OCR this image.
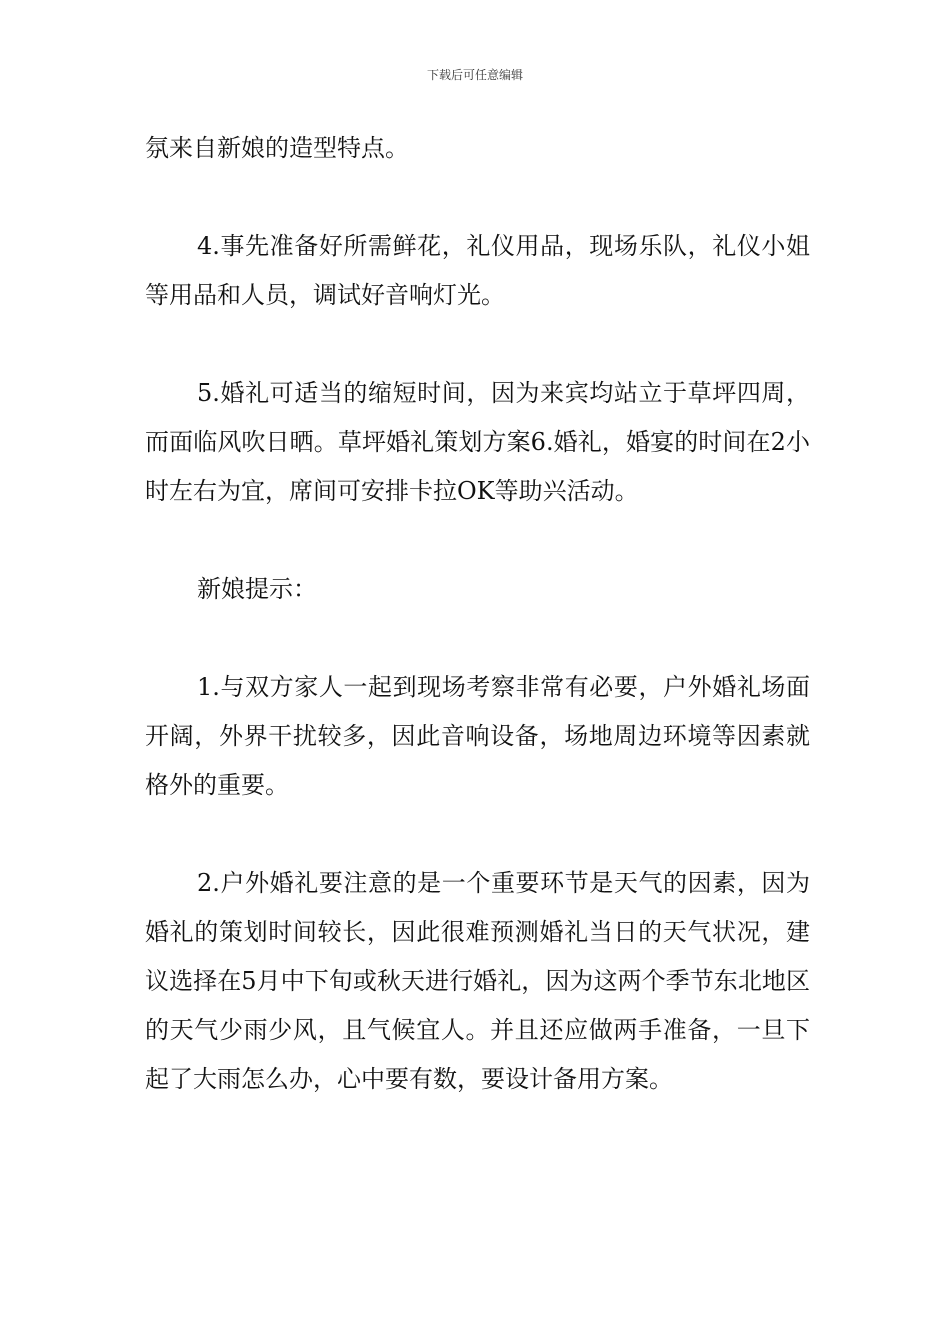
下载后可任意编辑

氛来自新娘的造型特点。

4.事先准备好所需鲜花，礼仪用品，现场乐队，礼仪小姐等用品和人员，调试好音响灯光。

5.婚礼可适当的缩短时间，因为来宾均站立于草坪四周，而面临风吹日晒。草坪婚礼策划方案6.婚礼，婚宴的时间在2小时左右为宜，席间可安排卡拉OK等助兴活动。

新娘提示：

1.与双方家人一起到现场考察非常有必要，户外婚礼场面开阔，外界干扰较多，因此音响设备，场地周边环境等因素就格外的重要。

2.户外婚礼要注意的是一个重要环节是天气的因素，因为婚礼的策划时间较长，因此很难预测婚礼当日的天气状况，建议选择在5月中下旬或秋天进行婚礼，因为这两个季节东北地区的天气少雨少风，且气候宜人。并且还应做两手准备，一旦下起了大雨怎么办，心中要有数，要设计备用方案。
